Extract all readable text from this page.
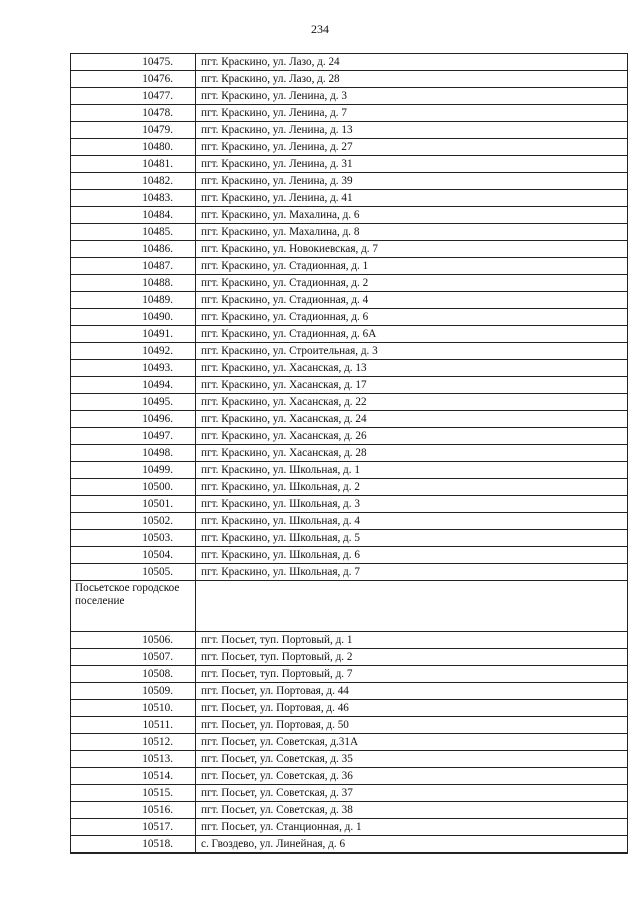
234
10475.	пгт. Краскино, ул. Лазо, д. 24
10476.	пгт. Краскино, ул. Лазо, д. 28
10477.	пгт. Краскино, ул. Ленина, д. 3
10478.	пгт. Краскино, ул. Ленина, д. 7
10479.	пгт. Краскино, ул. Ленина, д. 13
10480.	пгт. Краскино, ул. Ленина, д. 27
10481.	пгт. Краскино, ул. Ленина, д. 31
10482.	пгт. Краскино, ул. Ленина, д. 39
10483.	пгт. Краскино, ул. Ленина, д. 41
10484.	пгт. Краскино, ул. Махалина, д. 6
10485.	пгт. Краскино, ул. Махалина, д. 8
10486.	пгт. Краскино, ул. Новокиевская, д. 7
10487.	пгт. Краскино, ул. Стадионная, д. 1
10488.	пгт. Краскино, ул. Стадионная, д. 2
10489.	пгт. Краскино, ул. Стадионная, д. 4
10490.	пгт. Краскино, ул. Стадионная, д. 6
10491.	пгт. Краскино, ул. Стадионная, д. 6А
10492.	пгт. Краскино, ул. Строительная, д. 3
10493.	пгт. Краскино, ул. Хасанская, д. 13
10494.	пгт. Краскино, ул. Хасанская, д. 17
10495.	пгт. Краскино, ул. Хасанская, д. 22
10496.	пгт. Краскино, ул. Хасанская, д. 24
10497.	пгт. Краскино, ул. Хасанская, д. 26
10498.	пгт. Краскино, ул. Хасанская, д. 28
10499.	пгт. Краскино, ул. Школьная, д. 1
10500.	пгт. Краскино, ул. Школьная, д. 2
10501.	пгт. Краскино, ул. Школьная, д. 3
10502.	пгт. Краскино, ул. Школьная, д. 4
10503.	пгт. Краскино, ул. Школьная, д. 5
10504.	пгт. Краскино, ул. Школьная, д. 6
10505.	пгт. Краскино, ул. Школьная, д. 7
Посьетское городское поселение	
10506.	пгт. Посьет, туп. Портовый, д. 1
10507.	пгт. Посьет, туп. Портовый, д. 2
10508.	пгт. Посьет, туп. Портовый, д. 7
10509.	пгт. Посьет, ул. Портовая, д. 44
10510.	пгт. Посьет, ул. Портовая, д. 46
10511.	пгт. Посьет, ул. Портовая, д. 50
10512.	пгт. Посьет, ул. Советская, д.31А
10513.	пгт. Посьет, ул. Советская, д. 35
10514.	пгт. Посьет, ул. Советская, д. 36
10515.	пгт. Посьет, ул. Советская, д. 37
10516.	пгт. Посьет, ул. Советская, д. 38
10517.	пгт. Посьет, ул. Станционная, д. 1
10518.	с. Гвоздево, ул. Линейная, д. 6
